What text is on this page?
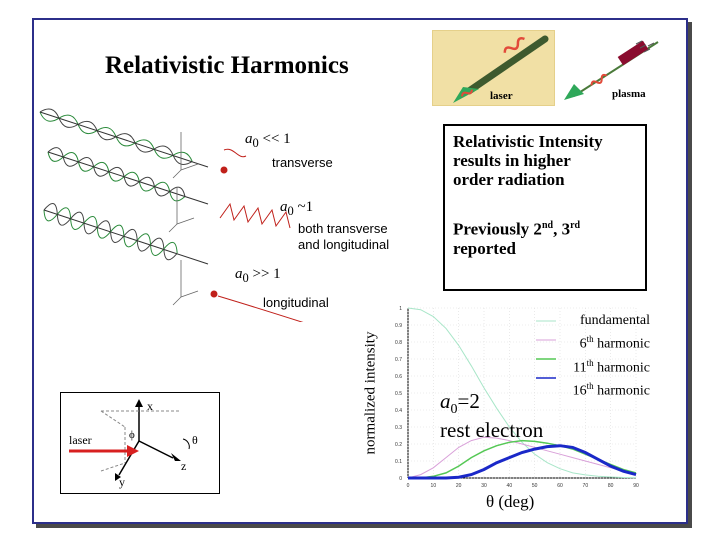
Relativistic Harmonics
laser	plasma
$a_0 << 1$
transverse
$a_0$ ~1
both transverse
and longitudinal
$a_0 >> 1$
longitudinal
Relativistic Intensity
results in higher
order radiation
Previously 2nd, 3rd
reported
laser
x
z
y
ϕ	θ	normalized intensity
0
0.1
0.2
0.3
0.4
0.5
0.6
0.7
0.8
0.9
1
0	10	20	30	40	50	60	70	80	90
fundamental
6th harmonic
11th harmonic
16th harmonic
$a_0=2$
rest electron
θ (deg)
